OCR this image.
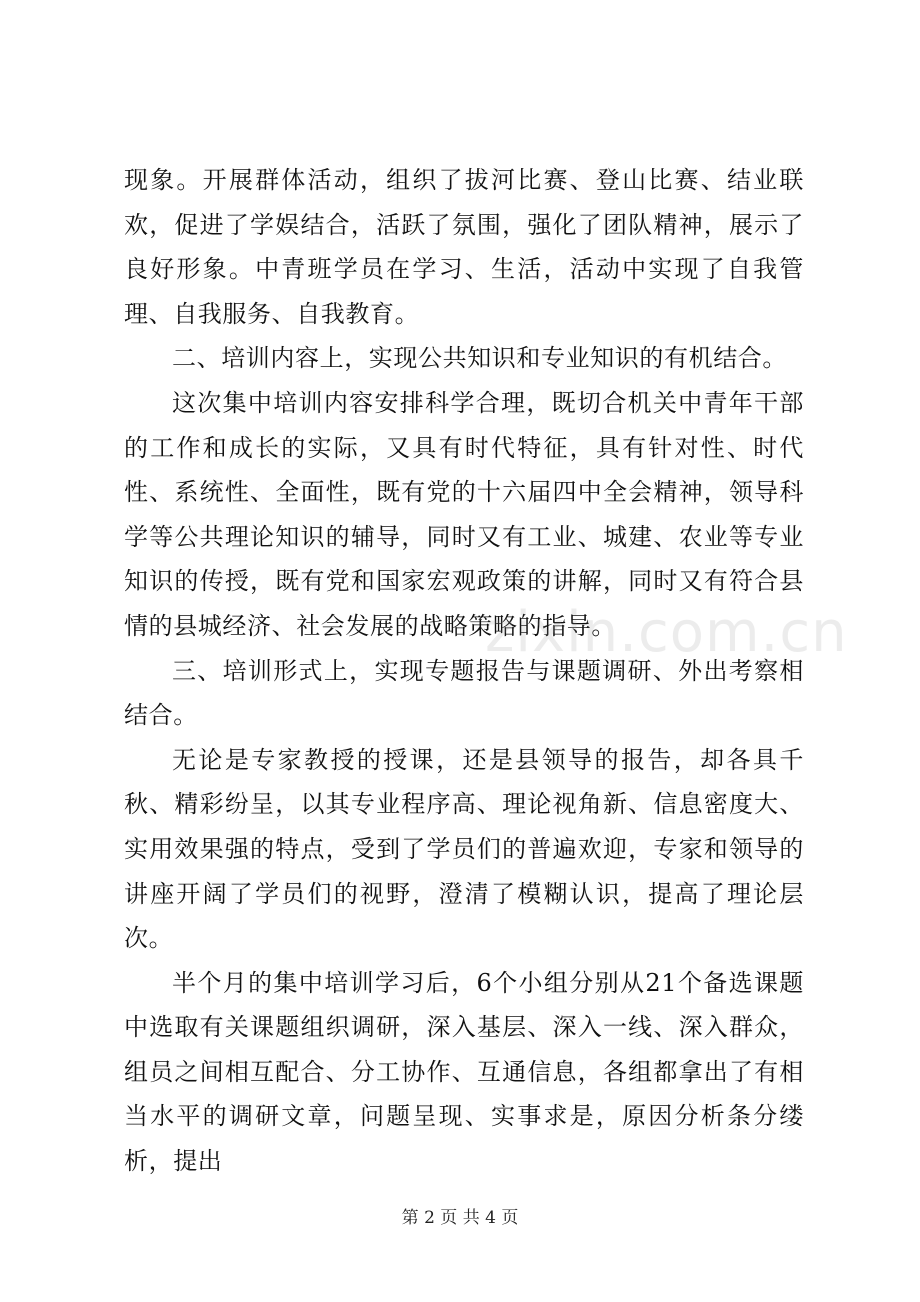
现象。开展群体活动，组织了拔河比赛、登山比赛、结业联欢，促进了学娱结合，活跃了氛围，强化了团队精神，展示了良好形象。中青班学员在学习、生活，活动中实现了自我管理、自我服务、自我教育。

二、培训内容上，实现公共知识和专业知识的有机结合。

这次集中培训内容安排科学合理，既切合机关中青年干部的工作和成长的实际，又具有时代特征，具有针对性、时代性、系统性、全面性，既有党的十六届四中全会精神，领导科学等公共理论知识的辅导，同时又有工业、城建、农业等专业知识的传授，既有党和国家宏观政策的讲解，同时又有符合县情的县城经济、社会发展的战略策略的指导。

三、培训形式上，实现专题报告与课题调研、外出考察相结合。

无论是专家教授的授课，还是县领导的报告，却各具千秋、精彩纷呈，以其专业程序高、理论视角新、信息密度大、实用效果强的特点，受到了学员们的普遍欢迎，专家和领导的讲座开阔了学员们的视野，澄清了模糊认识，提高了理论层次。

半个月的集中培训学习后，6个小组分别从21个备选课题中选取有关课题组织调研，深入基层、深入一线、深入群众，组员之间相互配合、分工协作、互通信息，各组都拿出了有相当水平的调研文章，问题呈现、实事求是，原因分析条分缕析，提出

zixin.com.cn
第 2 页 共 4 页
